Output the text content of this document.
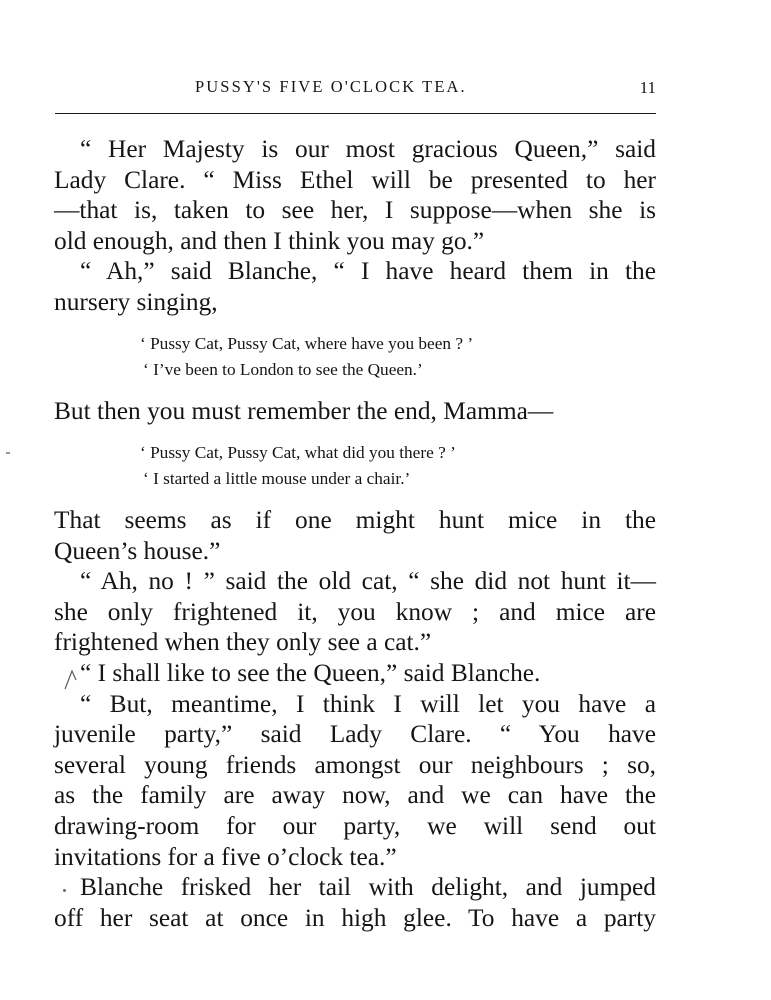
PUSSY'S FIVE O'CLOCK TEA.	11
“ Her Majesty is our most gracious Queen,” said
Lady Clare. “ Miss Ethel will be presented to her
—that is, taken to see her, I suppose—when she is
old enough, and then I think you may go.”
“ Ah,” said Blanche, “ I have heard them in the
nursery singing,
‘ Pussy Cat, Pussy Cat, where have you been ? ’
‘ I’ve been to London to see the Queen.’
But then you must remember the end, Mamma—
‘ Pussy Cat, Pussy Cat, what did you there ? ’
‘ I started a little mouse under a chair.’
That seems as if one might hunt mice in the
Queen’s house.”
“ Ah, no ! ” said the old cat, “ she did not hunt it—
she only frightened it, you know ; and mice are
frightened when they only see a cat.”
“ I shall like to see the Queen,” said Blanche.
“ But, meantime, I think I will let you have a
juvenile party,” said Lady Clare. “ You have
several young friends amongst our neighbours ; so,
as the family are away now, and we can have the
drawing-room for our party, we will send out
invitations for a five o’clock tea.”
Blanche frisked her tail with delight, and jumped
off her seat at once in high glee. To have a party
